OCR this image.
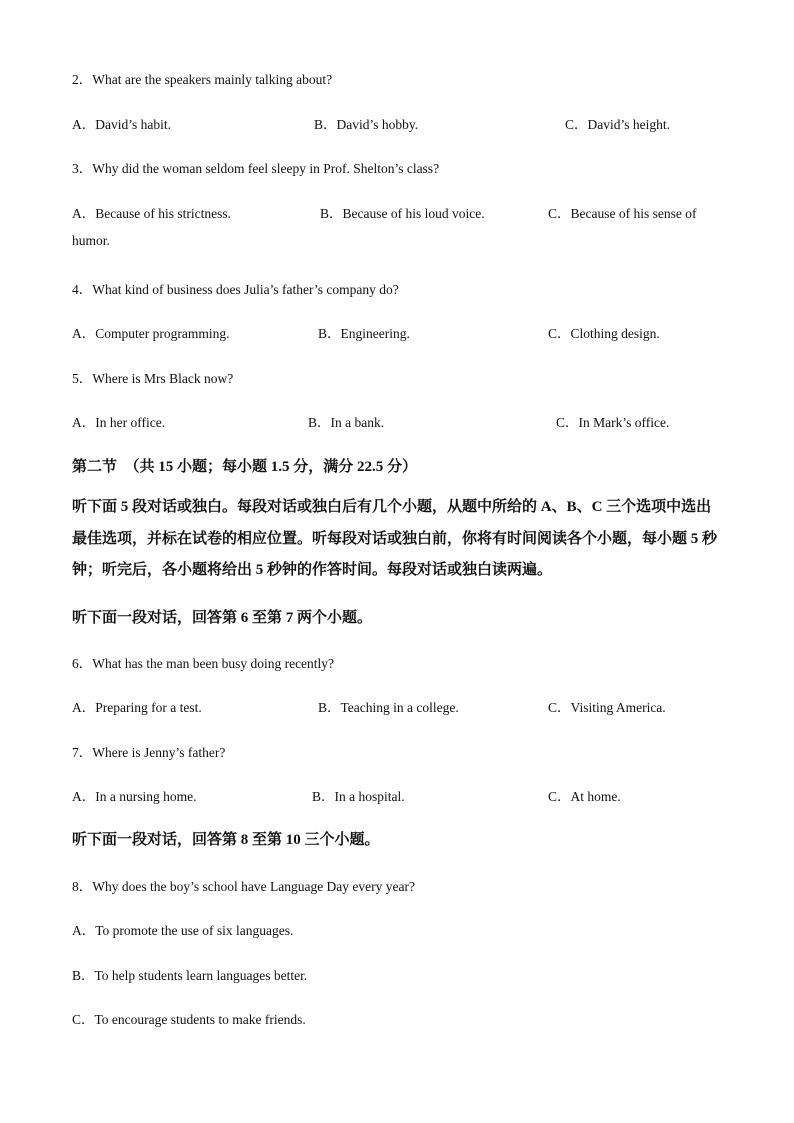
2．What are the speakers mainly talking about?
A．David’s habit.	B．David’s hobby.	C．David’s height.
3．Why did the woman seldom feel sleepy in Prof. Shelton’s class?
A．Because of his strictness.	B．Because of his loud voice.	C．Because of his sense of
humor.
4．What kind of business does Julia’s father’s company do?
A．Computer programming.	B．Engineering.	C．Clothing design.
5．Where is Mrs Black now?
A．In her office.	B．In a bank.	C．In Mark’s office.
第二节　（共 15 小题；每小题 1.5 分，满分 22.5 分）
听下面 5 段对话或独白。每段对话或独白后有几个小题，从题中所给的 A、B、C 三个选项中选出最佳选项，并标在试卷的相应位置。听每段对话或独白前，你将有时间阅读各个小题，每小题 5 秒钟；听完后，各小题将给出 5 秒钟的作答时间。每段对话或独白读两遍。
听下面一段对话，回答第 6 至第 7 两个小题。
6．What has the man been busy doing recently?
A．Preparing for a test.	B．Teaching in a college.	C．Visiting America.
7．Where is Jenny’s father?
A．In a nursing home.	B．In a hospital.	C．At home.
听下面一段对话，回答第 8 至第 10 三个小题。
8．Why does the boy’s school have Language Day every year?
A．To promote the use of six languages.
B．To help students learn languages better.
C．To encourage students to make friends.
